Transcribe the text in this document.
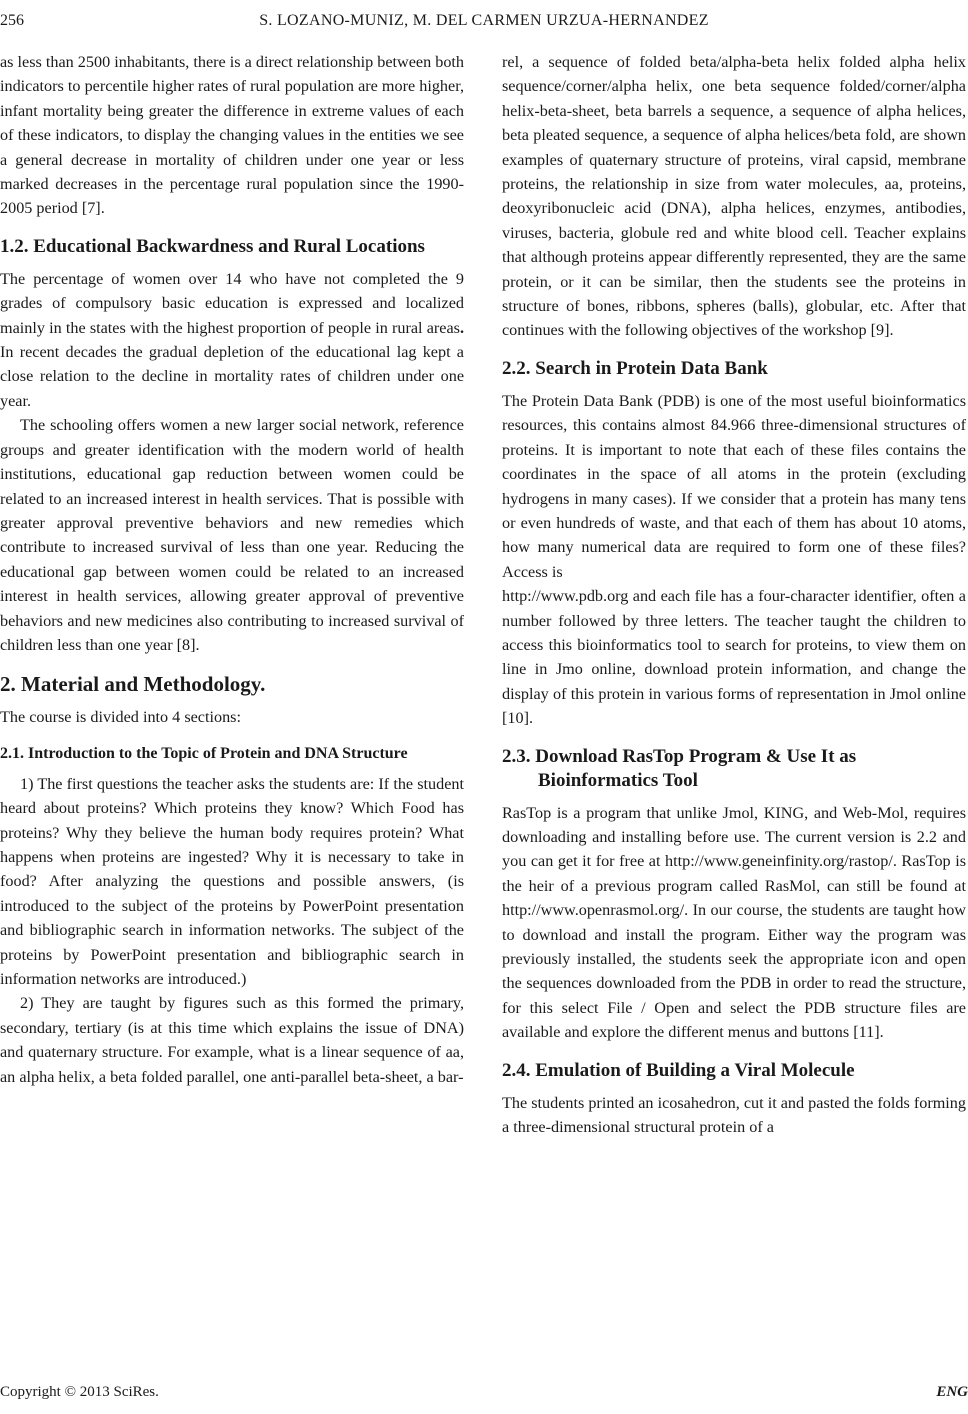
256	S. LOZANO-MUNIZ, M. DEL CARMEN URZUA-HERNANDEZ

as less than 2500 inhabitants, there is a direct relationship between both indicators to percentile higher rates of rural population are more higher, infant mortality being greater the difference in extreme values of each of these indicators, to display the changing values in the entities we see a general decrease in mortality of children under one year or less marked decreases in the percentage rural population since the 1990-2005 period [7].

1.2. Educational Backwardness and Rural Locations

The percentage of women over 14 who have not completed the 9 grades of compulsory basic education is expressed and localized mainly in the states with the highest proportion of people in rural areas. In recent decades the gradual depletion of the educational lag kept a close relation to the decline in mortality rates of children under one year.

The schooling offers women a new larger social network, reference groups and greater identification with the modern world of health institutions, educational gap reduction between women could be related to an increased interest in health services. That is possible with greater approval preventive behaviors and new remedies which contribute to increased survival of less than one year. Reducing the educational gap between women could be related to an increased interest in health services, allowing greater approval of preventive behaviors and new medicines also contributing to increased survival of children less than one year [8].

2. Material and Methodology.

The course is divided into 4 sections:

2.1. Introduction to the Topic of Protein and DNA Structure

1) The first questions the teacher asks the students are: If the student heard about proteins? Which proteins they know? Which Food has proteins? Why they believe the human body requires protein? What happens when proteins are ingested? Why it is necessary to take in food? After analyzing the questions and possible answers, (is introduced to the subject of the proteins by PowerPoint presentation and bibliographic search in information networks. The subject of the proteins by PowerPoint presentation and bibliographic search in information networks are introduced.)

2) They are taught by figures such as this formed the primary, secondary, tertiary (is at this time which explains the issue of DNA) and quaternary structure. For example, what is a linear sequence of aa, an alpha helix, a beta folded parallel, one anti-parallel beta-sheet, a bar-

rel, a sequence of folded beta/alpha-beta helix folded alpha helix sequence/corner/alpha helix, one beta sequence folded/corner/alpha helix-beta-sheet, beta barrels a sequence, a sequence of alpha helices, beta pleated sequence, a sequence of alpha helices/beta fold, are shown examples of quaternary structure of proteins, viral capsid, membrane proteins, the relationship in size from water molecules, aa, proteins, deoxyribonucleic acid (DNA), alpha helices, enzymes, antibodies, viruses, bacteria, globule red and white blood cell. Teacher explains that although proteins appear differently represented, they are the same protein, or it can be similar, then the students see the proteins in structure of bones, ribbons, spheres (balls), globular, etc. After that continues with the following objectives of the workshop [9].

2.2. Search in Protein Data Bank

The Protein Data Bank (PDB) is one of the most useful bioinformatics resources, this contains almost 84.966 three-dimensional structures of proteins. It is important to note that each of these files contains the coordinates in the space of all atoms in the protein (excluding hydrogens in many cases). If we consider that a protein has many tens or even hundreds of waste, and that each of them has about 10 atoms, how many numerical data are required to form one of these files? Access is
http://www.pdb.org and each file has a four-character identifier, often a number followed by three letters. The teacher taught the children to access this bioinformatics tool to search for proteins, to view them on line in Jmo online, download protein information, and change the display of this protein in various forms of representation in Jmol online [10].

2.3. Download RasTop Program & Use It as Bioinformatics Tool

RasTop is a program that unlike Jmol, KING, and Web-Mol, requires downloading and installing before use. The current version is 2.2 and you can get it for free at http://www.geneinfinity.org/rastop/. RasTop is the heir of a previous program called RasMol, can still be found at http://www.openrasmol.org/. In our course, the students are taught how to download and install the program. Either way the program was previously installed, the students seek the appropriate icon and open the sequences downloaded from the PDB in order to read the structure, for this select File / Open and select the PDB structure files are available and explore the different menus and buttons [11].

2.4. Emulation of Building a Viral Molecule

The students printed an icosahedron, cut it and pasted the folds forming a three-dimensional structural protein of a

Copyright © 2013 SciRes.	ENG
